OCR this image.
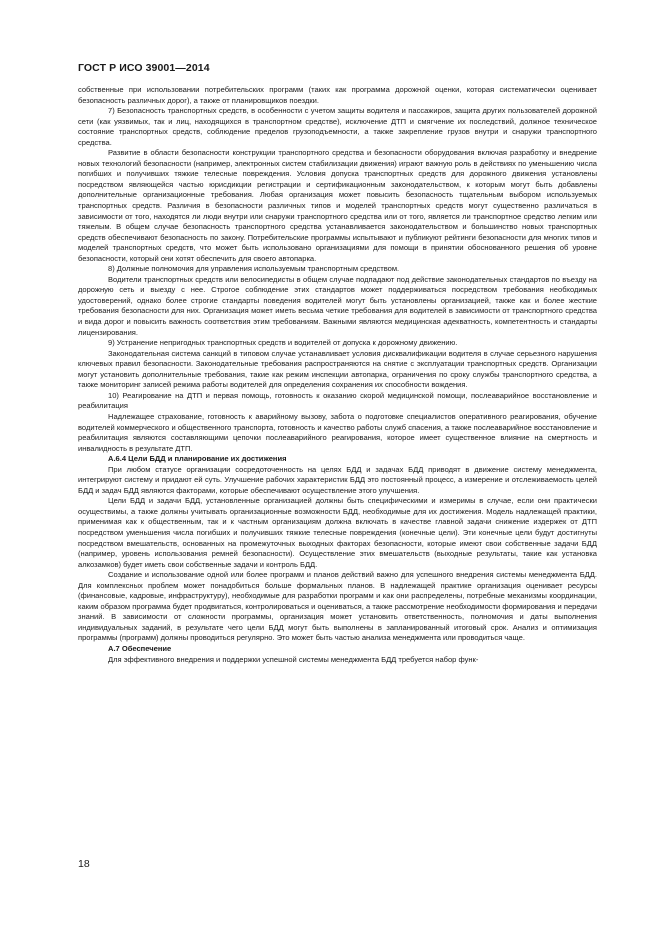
ГОСТ Р ИСО 39001—2014

собственные при использовании потребительских программ (таких как программа дорожной оценки, которая систематически оценивает безопасность различных дорог), а также от планировщиков поездки.

7) Безопасность транспортных средств, в особенности с учетом защиты водителя и пассажиров, защита других пользователей дорожной сети (как уязвимых, так и лиц, находящихся в транспортном средстве), исключение ДТП и смягчение их последствий, должное техническое состояние транспортных средств, соблюдение пределов грузоподъемности, а также закрепление грузов внутри и снаружи транспортного средства.

Развитие в области безопасности конструкции транспортного средства и безопасности оборудования включая разработку и внедрение новых технологий безопасности (например, электронных систем стабилизации движения) играют важную роль в действиях по уменьшению числа погибших и получивших тяжкие телесные повреждения. Условия допуска транспортных средств для дорожного движения установлены посредством являющейся частью юрисдикции регистрации и сертификационным законодательством, к которым могут быть добавлены дополнительные организационные требования. Любая организация может повысить безопасность тщательным выбором используемых транспортных средств. Различия в безопасности различных типов и моделей транспортных средств могут существенно различаться в зависимости от того, находятся ли люди внутри или снаружи транспортного средства или от того, является ли транспортное средство легким или тяжелым. В общем случае безопасность транспортного средства устанавливается законодательством и большинство новых транспортных средств обеспечивают безопасность по закону. Потребительские программы испытывают и публикуют рейтинги безопасности для многих типов и моделей транспортных средств, что может быть использовано организациями для помощи в принятии обоснованного решения об уровне безопасности, который они хотят обеспечить для своего автопарка.

8) Должные полномочия для управления используемым транспортным средством.

Водители транспортных средств или велосипедисты в общем случае подпадают под действие законодательных стандартов по въезду на дорожную сеть и выезду с нее. Строгое соблюдение этих стандартов может поддерживаться посредством требования необходимых удостоверений, однако более строгие стандарты поведения водителей могут быть установлены организацией, также как и более жесткие требования безопасности для них. Организация может иметь весьма четкие требования для водителей в зависимости от транспортного средства и вида дорог и повысить важность соответствия этим требованиям. Важными являются медицинская адекватность, компетентность и стандарты лицензирования.

9) Устранение непригодных транспортных средств и водителей от допуска к дорожному движению.

Законодательная система санкций в типовом случае устанавливает условия дисквалификации водителя в случае серьезного нарушения ключевых правил безопасности. Законодательные требования распространяются на снятие с эксплуатации транспортных средств. Организации могут установить дополнительные требования, такие как режим инспекции автопарка, ограничения по сроку службы транспортного средства, а также мониторинг записей режима работы водителей для определения сохранения их способности вождения.

10) Реагирование на ДТП и первая помощь, готовность к оказанию скорой медицинской помощи, послеаварийное восстановление и реабилитация

Надлежащее страхование, готовность к аварийному вызову, забота о подготовке специалистов оперативного реагирования, обучение водителей коммерческого и общественного транспорта, готовность и качество работы служб спасения, а также послеаварийное восстановление и реабилитация являются составляющими цепочки послеаварийного реагирования, которое имеет существенное влияние на смертность и инвалидность в результате ДТП.

А.6.4 Цели БДД и планирование их достижения

При любом статусе организации сосредоточенность на целях БДД и задачах БДД приводят в движение систему менеджмента, интегрируют систему и придают ей суть. Улучшение рабочих характеристик БДД это постоянный процесс, а измерение и отслеживаемость целей БДД и задач БДД являются факторами, которые обеспечивают осуществление этого улучшения.

Цели БДД и задачи БДД, установленные организацией должны быть специфическими и измеримы в случае, если они практически осуществимы, а также должны учитывать организационные возможности БДД, необходимые для их достижения. Модель надлежащей практики, применимая как к общественным, так и к частным организациям должна включать в качестве главной задачи снижение издержек от ДТП посредством уменьшения числа погибших и получивших тяжкие телесные повреждения (конечные цели). Эти конечные цели будут достигнуты посредством вмешательств, основанных на промежуточных выходных факторах безопасности, которые имеют свои собственные задачи БДД (например, уровень использования ремней безопасности). Осуществление этих вмешательств (выходные результаты, такие как установка алкозамков) будет иметь свои собственные задачи и контроль БДД.

Создание и использование одной или более программ и планов действий важно для успешного внедрения системы менеджмента БДД. Для комплексных проблем может понадобиться больше формальных планов. В надлежащей практике организация оценивает ресурсы (финансовые, кадровые, инфраструктуру), необходимые для разработки программ и как они распределены, потребные механизмы координации, каким образом программа будет продвигаться, контролироваться и оцениваться, а также рассмотрение необходимости формирования и передачи знаний. В зависимости от сложности программы, организация может установить ответственность, полномочия и даты выполнения индивидуальных заданий, в результате чего цели БДД могут быть выполнены в запланированный итоговый срок. Анализ и оптимизация программы (программ) должны проводиться регулярно. Это может быть частью анализа менеджмента или проводиться чаще.

А.7 Обеспечение

Для эффективного внедрения и поддержки успешной системы менеджмента БДД требуется набор функ-

18
